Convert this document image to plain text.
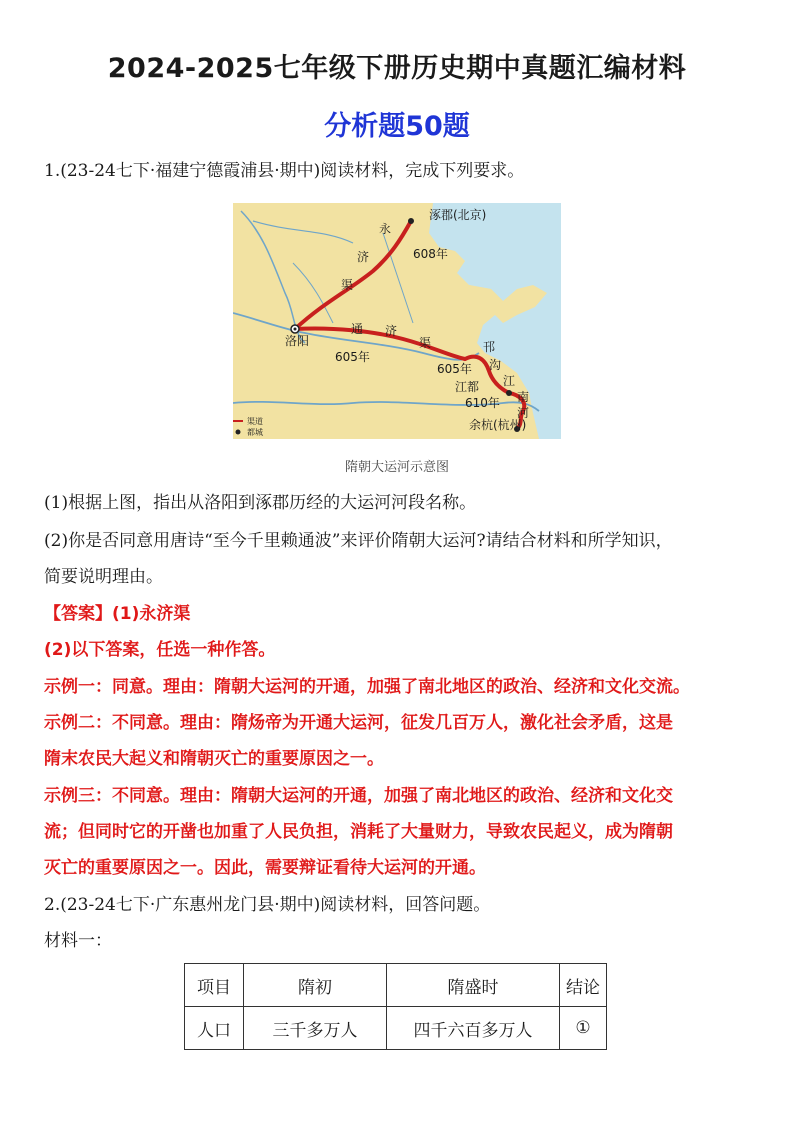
2024-2025七年级下册历史期中真题汇编材料
分析题50题
1.(23-24七下·福建宁德霞浦县·期中)阅读材料，完成下列要求。
涿郡(北京)
608年
永
济
渠
洛阳
通 济
渠
605年
605年
邗
沟
江都 江
南
河
610年
余杭(杭州)
渠道
都城
隋朝大运河示意图
(1)根据上图，指出从洛阳到涿郡历经的大运河河段名称。
(2)你是否同意用唐诗“至今千里赖通波”来评价隋朝大运河?请结合材料和所学知识，
简要说明理由。
【答案】(1)永济渠
(2)以下答案，任选一种作答。
示例一：同意。理由：隋朝大运河的开通，加强了南北地区的政治、经济和文化交流。
示例二：不同意。理由：隋炀帝为开通大运河，征发几百万人，激化社会矛盾，这是
隋末农民大起义和隋朝灭亡的重要原因之一。
示例三：不同意。理由：隋朝大运河的开通，加强了南北地区的政治、经济和文化交
流；但同时它的开凿也加重了人民负担，消耗了大量财力，导致农民起义，成为隋朝
灭亡的重要原因之一。因此，需要辩证看待大运河的开通。
2.(23-24七下·广东惠州龙门县·期中)阅读材料，回答问题。
材料一：
项目	隋初	隋盛时	结论
人口	三千多万人	四千六百多万人	①
